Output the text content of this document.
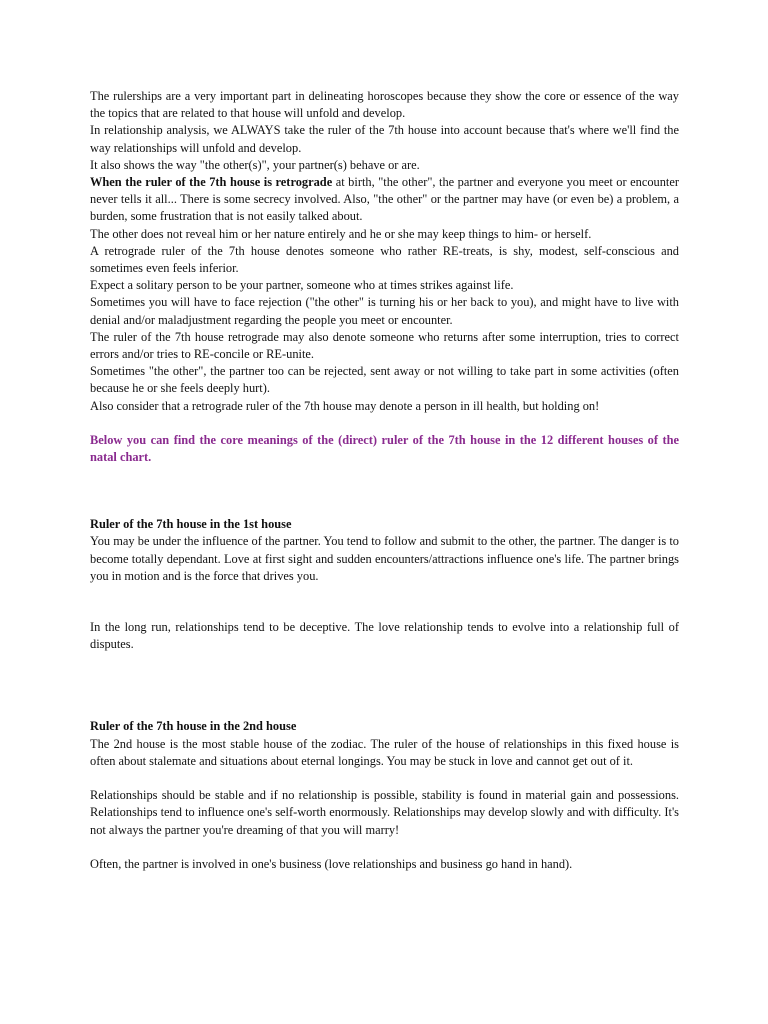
The rulerships are a very important part in delineating horoscopes because they show the core or essence of the way the topics that are related to that house will unfold and develop.

In relationship analysis, we ALWAYS take the ruler of the 7th house into account because that's where we'll find the way relationships will unfold and develop.

It also shows the way "the other(s)", your partner(s) behave or are.

When the ruler of the 7th house is retrograde at birth, "the other", the partner and everyone you meet or encounter never tells it all... There is some secrecy involved. Also, "the other" or the partner may have (or even be) a problem, a burden, some frustration that is not easily talked about.

The other does not reveal him or her nature entirely and he or she may keep things to him- or herself.

A retrograde ruler of the 7th house denotes someone who rather RE-treats, is shy, modest, self-conscious and sometimes even feels inferior.

Expect a solitary person to be your partner, someone who at times strikes against life.

Sometimes you will have to face rejection ("the other" is turning his or her back to you), and might have to live with denial and/or maladjustment regarding the people you meet or encounter.

The ruler of the 7th house retrograde may also denote someone who returns after some interruption, tries to correct errors and/or tries to RE-concile or RE-unite.

Sometimes "the other", the partner too can be rejected, sent away or not willing to take part in some activities (often because he or she feels deeply hurt).

Also consider that a retrograde ruler of the 7th house may denote a person in ill health, but holding on!

Below you can find the core meanings of the (direct) ruler of the 7th house in the 12 different houses of the natal chart.

Ruler of the 7th house in the 1st house

You may be under the influence of the partner. You tend to follow and submit to the other, the partner. The danger is to become totally dependant. Love at first sight and sudden encounters/attractions influence one's life. The partner brings you in motion and is the force that drives you.

In the long run, relationships tend to be deceptive. The love relationship tends to evolve into a relationship full of disputes.

Ruler of the 7th house in the 2nd house

The 2nd house is the most stable house of the zodiac. The ruler of the house of relationships in this fixed house is often about stalemate and situations about eternal longings. You may be stuck in love and cannot get out of it.

Relationships should be stable and if no relationship is possible, stability is found in material gain and possessions. Relationships tend to influence one's self-worth enormously. Relationships may develop slowly and with difficulty. It's not always the partner you're dreaming of that you will marry!

Often, the partner is involved in one's business (love relationships and business go hand in hand).
